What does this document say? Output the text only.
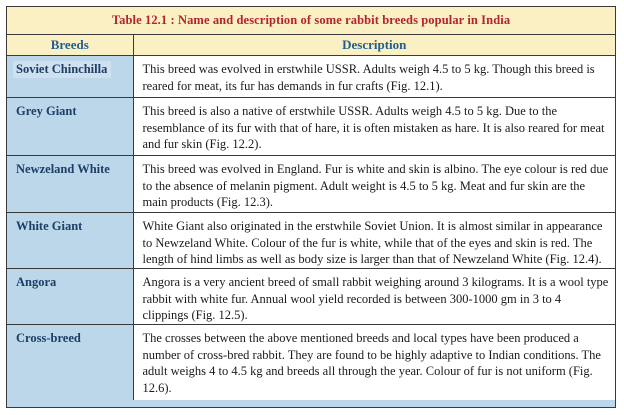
Table 12.1 : Name and description of some rabbit breeds popular in India
Breeds	Description
Soviet Chinchilla	This breed was evolved in erstwhile USSR. Adults weigh 4.5 to 5 kg. Though this breed is reared for meat, its fur has demands in fur crafts (Fig. 12.1).
Grey Giant	This breed is also a native of erstwhile USSR. Adults weigh 4.5 to 5 kg. Due to the resemblance of its fur with that of hare, it is often mistaken as hare. It is also reared for meat and fur skin (Fig. 12.2).
Newzeland White	This breed was evolved in England. Fur is white and skin is albino. The eye colour is red due to the absence of melanin pigment. Adult weight is 4.5 to 5 kg. Meat and fur skin are the main products (Fig. 12.3).
White Giant	White Giant also originated in the erstwhile Soviet Union. It is almost similar in appearance to Newzeland White. Colour of the fur is white, while that of the eyes and skin is red. The length of hind limbs as well as body size is larger than that of Newzeland White (Fig. 12.4).
Angora	Angora is a very ancient breed of small rabbit weighing around 3 kilograms. It is a wool type rabbit with white fur. Annual wool yield recorded is between 300-1000 gm in 3 to 4 clippings (Fig. 12.5).
Cross-breed	The crosses between the above mentioned breeds and local types have been produced a number of cross-bred rabbit. They are found to be highly adaptive to Indian conditions. The adult weighs 4 to 4.5 kg and breeds all through the year. Colour of fur is not uniform (Fig. 12.6).
